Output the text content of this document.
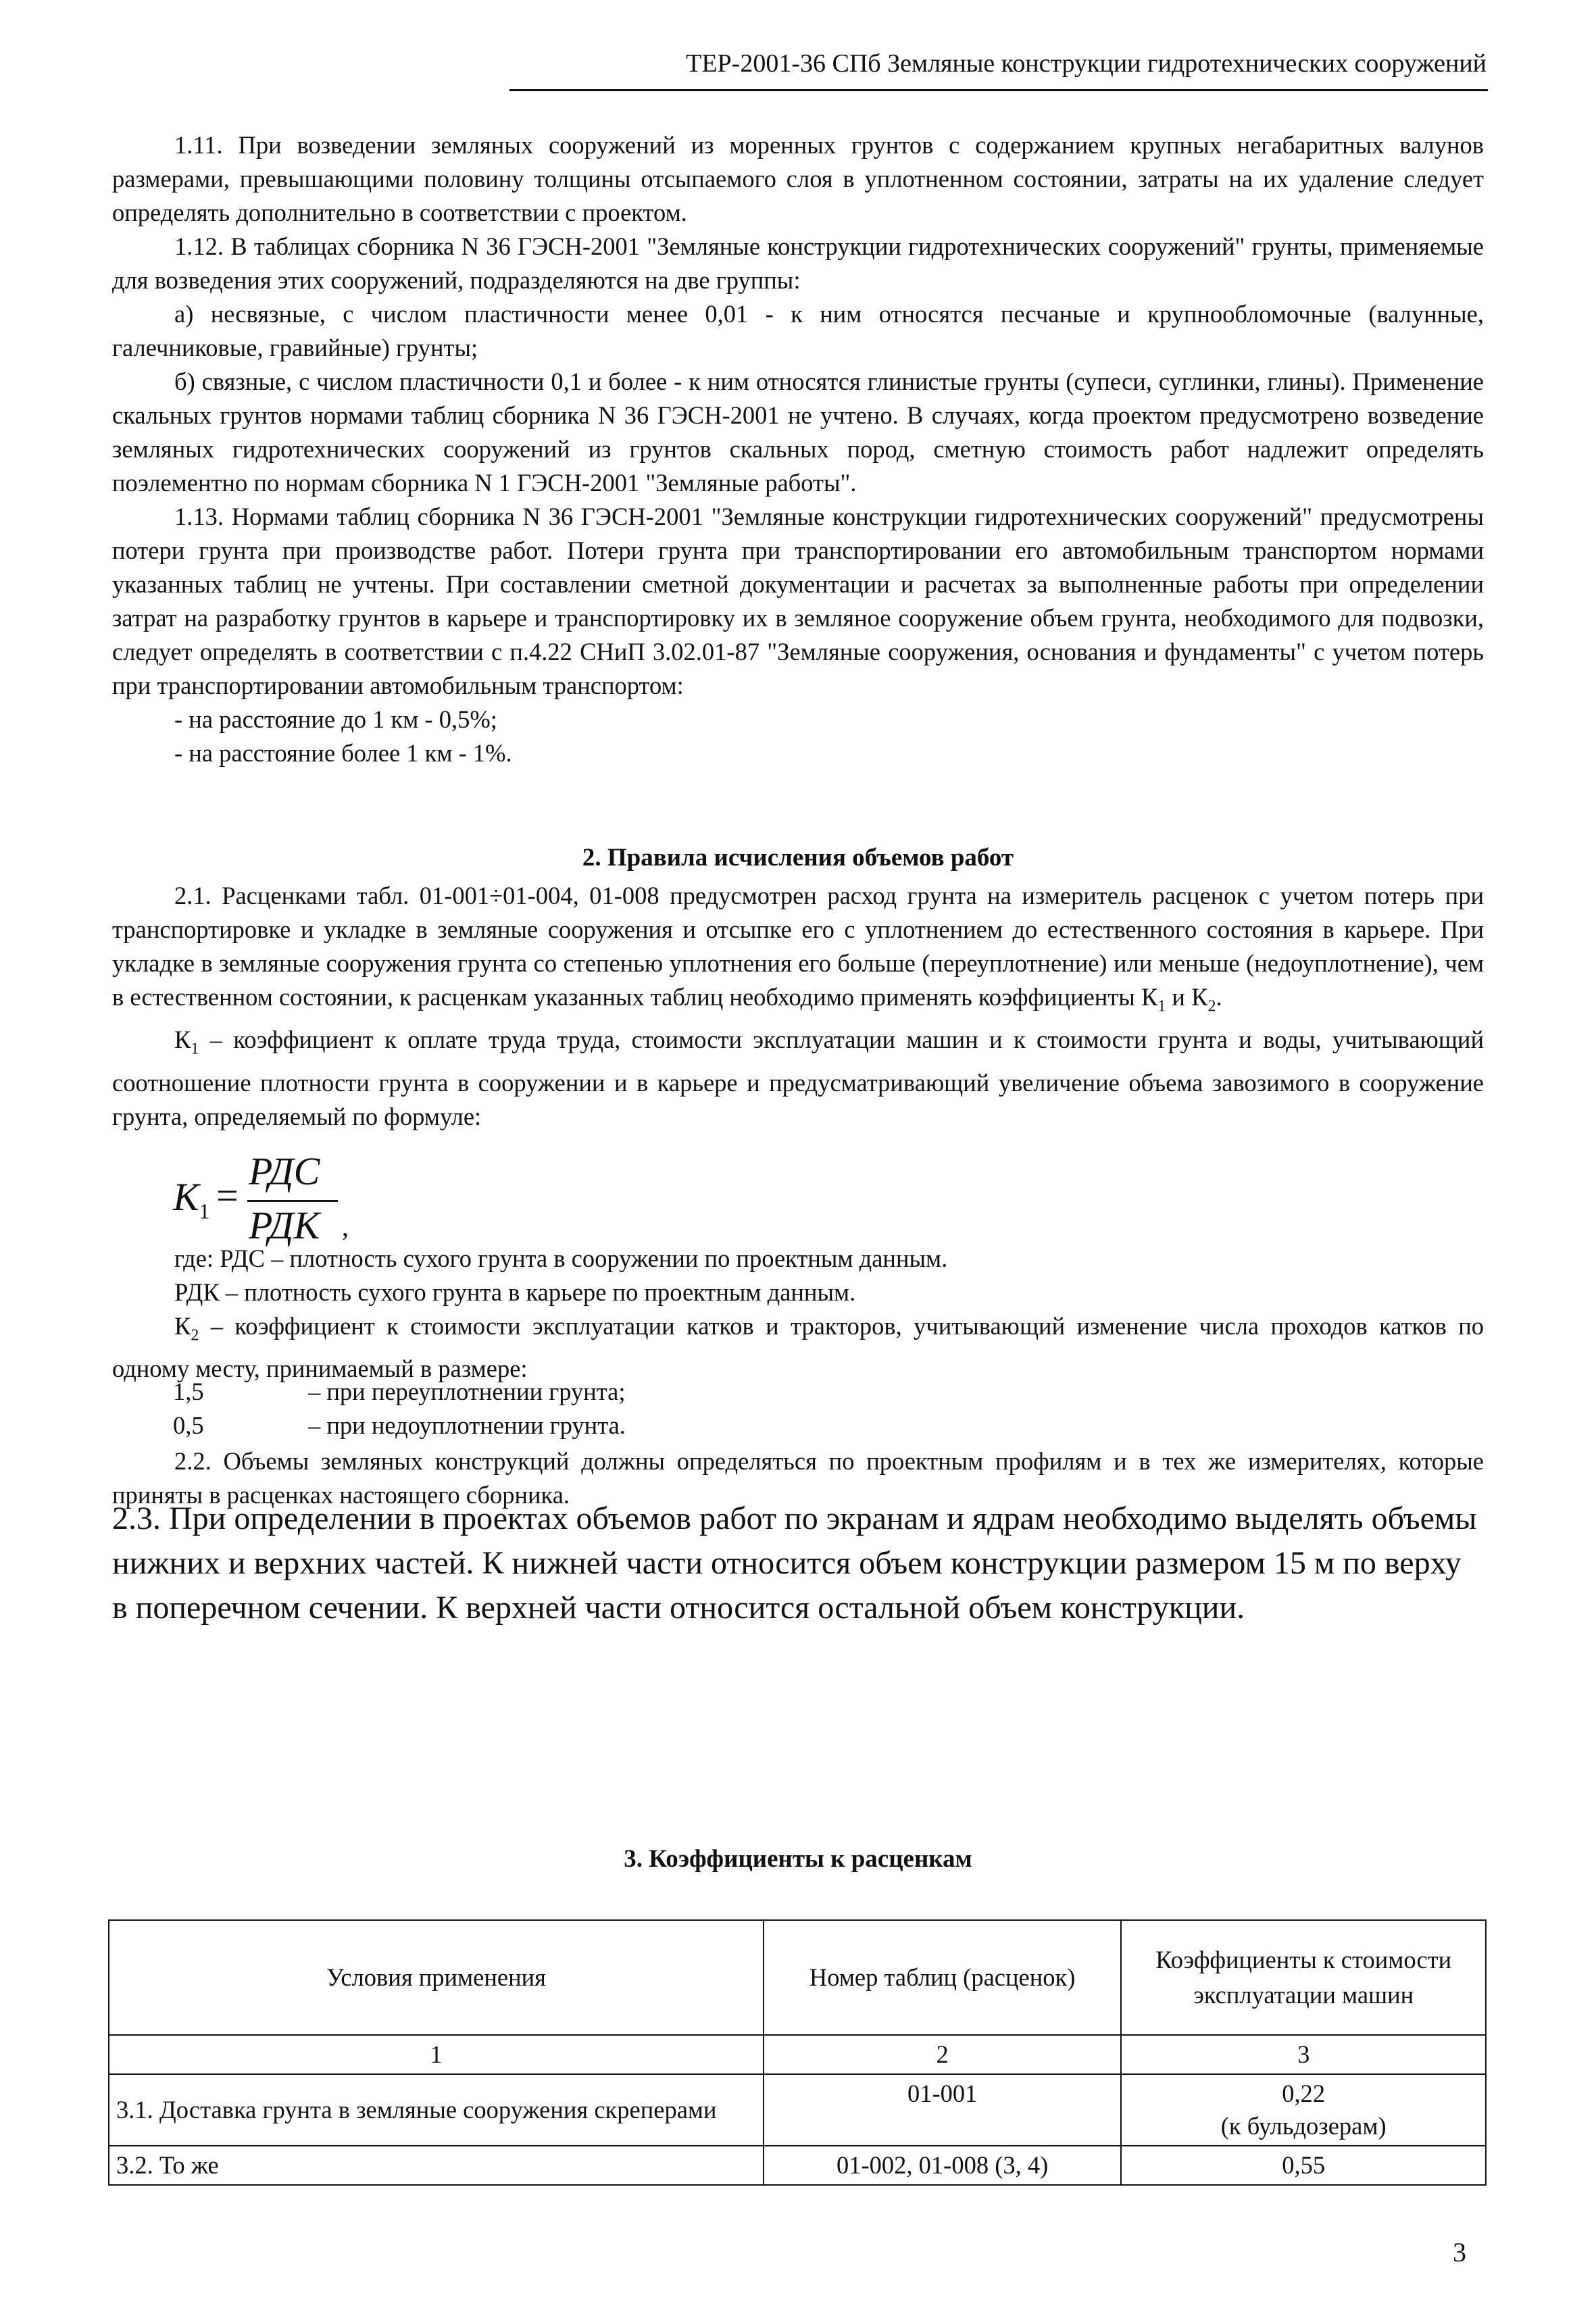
ТЕР-2001-36 СПб Земляные конструкции гидротехнических сооружений

1.11. При возведении земляных сооружений из моренных грунтов с содержанием крупных негабаритных валунов размерами, превышающими половину толщины отсыпаемого слоя в уплотненном состоянии, затраты на их удаление следует определять дополнительно в соответствии с проектом.

1.12. В таблицах сборника N 36 ГЭСН-2001 "Земляные конструкции гидротехнических сооружений" грунты, применяемые для возведения этих сооружений, подразделяются на две группы:

а) несвязные, с числом пластичности менее 0,01 - к ним относятся песчаные и крупнообломочные (валунные, галечниковые, гравийные) грунты;

б) связные, с числом пластичности 0,1 и более - к ним относятся глинистые грунты (супеси, суглинки, глины). Применение скальных грунтов нормами таблиц сборника N 36 ГЭСН-2001 не учтено. В случаях, когда проектом предусмотрено возведение земляных гидротехнических сооружений из грунтов скальных пород, сметную стоимость работ надлежит определять поэлементно по нормам сборника N 1 ГЭСН-2001 "Земляные работы".

1.13. Нормами таблиц сборника N 36 ГЭСН-2001 "Земляные конструкции гидротехнических сооружений" предусмотрены потери грунта при производстве работ. Потери грунта при транспортировании его автомобильным транспортом нормами указанных таблиц не учтены. При составлении сметной документации и расчетах за выполненные работы при определении затрат на разработку грунтов в карьере и транспортировку их в земляное сооружение объем грунта, необходимого для подвозки, следует определять в соответствии с п.4.22 СНиП 3.02.01-87 "Земляные сооружения, основания и фундаменты" с учетом потерь при транспортировании автомобильным транспортом:

- на расстояние до 1 км - 0,5%;

- на расстояние более 1 км - 1%.

2. Правила исчисления объемов работ

2.1. Расценками табл. 01-001÷01-004, 01-008 предусмотрен расход грунта на измеритель расценок с учетом потерь при транспортировке и укладке в земляные сооружения и отсыпке его с уплотнением до естественного состояния в карьере. При укладке в земляные сооружения грунта со степенью уплотнения его больше (переуплотнение) или меньше (недоуплотнение), чем в естественном состоянии, к расценкам указанных таблиц необходимо применять коэффициенты $К_1$ и $К_2$.

$К_1$ – коэффициент к оплате труда труда, стоимости эксплуатации машин и к стоимости грунта и воды, учитывающий соотношение плотности грунта в сооружении и в карьере и предусматривающий увеличение объема завозимого в сооружение грунта, определяемый по формуле:

$К_1$ =
РДС
РДК ,

где: РДС – плотность сухого грунта в сооружении по проектным данным.

РДК – плотность сухого грунта в карьере по проектным данным.

$К_2$ – коэффициент к стоимости эксплуатации катков и тракторов, учитывающий изменение числа проходов катков по одному месту, принимаемый в размере:

1,5	– при переуплотнении грунта;
0,5	– при недоуплотнении грунта.

2.2. Объемы земляных конструкций должны определяться по проектным профилям и в тех же измерителях, которые приняты в расценках настоящего сборника.

2.3. При определении в проектах объемов работ по экранам и ядрам необходимо выделять объемы нижних и верхних частей. К нижней части относится объем конструкции размером 15 м по верху в поперечном сечении. К верхней части относится остальной объем конструкции.
3. Коэффициенты к расценкам
Условия применения	Номер таблиц (расценок)	Коэффициенты к стоимости эксплуатации машин
1	2	3
3.1. Доставка грунта в земляные сооружения скреперами	01-001	0,22
(к бульдозерам)

3.2. То же	01-002, 01-008 (3, 4)	0,55
3
